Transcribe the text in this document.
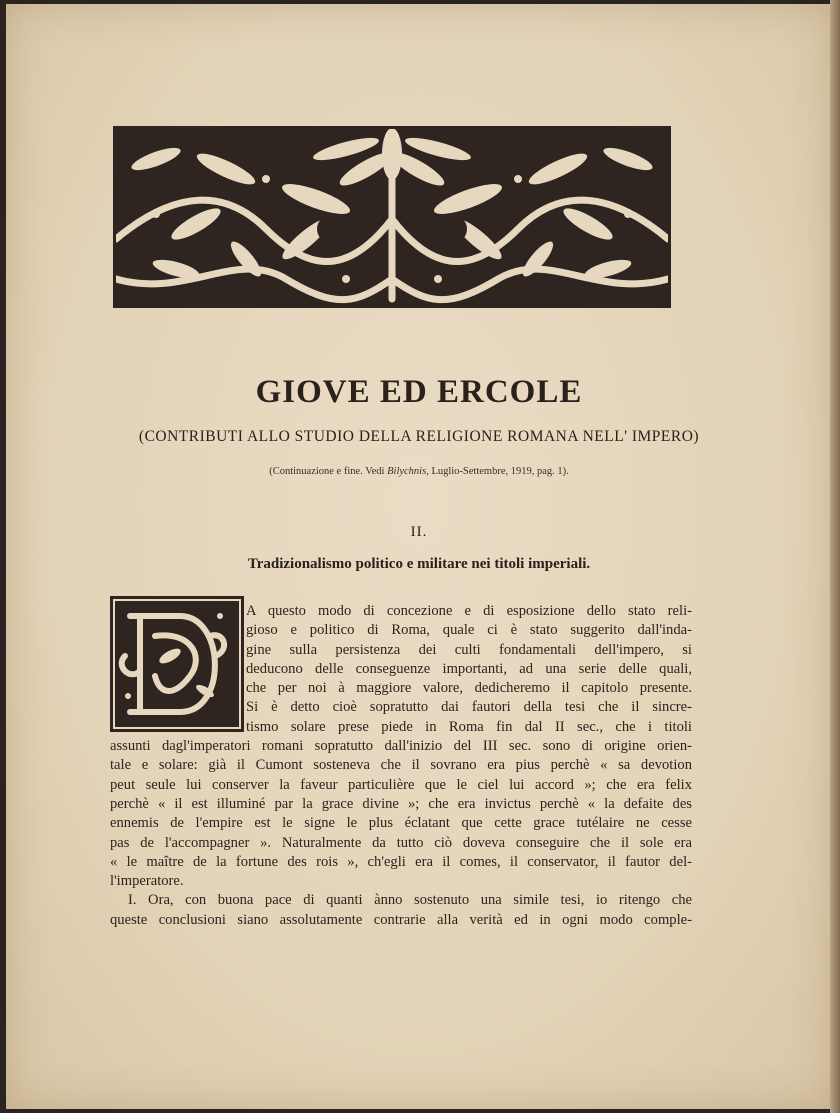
GIOVE ED ERCOLE
(CONTRIBUTI ALLO STUDIO DELLA RELIGIONE ROMANA NELL' IMPERO)
(Continuazione e fine. Vedi Bilychnis, Luglio-Settembre, 1919, pag. 1).
II.
Tradizionalismo politico e militare nei titoli imperiali.

A questo modo di concezione e di esposizione dello stato reli-
gioso e politico di Roma, quale ci è stato suggerito dall'inda-
gine sulla persistenza dei culti fondamentali dell'impero, si
deducono delle conseguenze importanti, ad una serie delle quali,
che per noi à maggiore valore, dedicheremo il capitolo presente.
Si è detto cioè sopratutto dai fautori della tesi che il sincre-
tismo solare prese piede in Roma fin dal II sec., che i titoli
assunti dagl'imperatori romani sopratutto dall'inizio del III sec. sono di origine orien-
tale e solare: già il Cumont sosteneva che il sovrano era pius perchè « sa devotion
peut seule lui conserver la faveur particulière que le ciel lui accord »; che era felix
perchè « il est illuminé par la grace divine »; che era invictus perchè « la defaite des
ennemis de l'empire est le signe le plus éclatant que cette grace tutélaire ne cesse
pas de l'accompagner ». Naturalmente da tutto ciò doveva conseguire che il sole era
« le maître de la fortune des rois », ch'egli era il comes, il conservator, il fautor del-
l'imperatore.

I. Ora, con buona pace di quanti ànno sostenuto una simile tesi, io ritengo che
queste conclusioni siano assolutamente contrarie alla verità ed in ogni modo comple-
